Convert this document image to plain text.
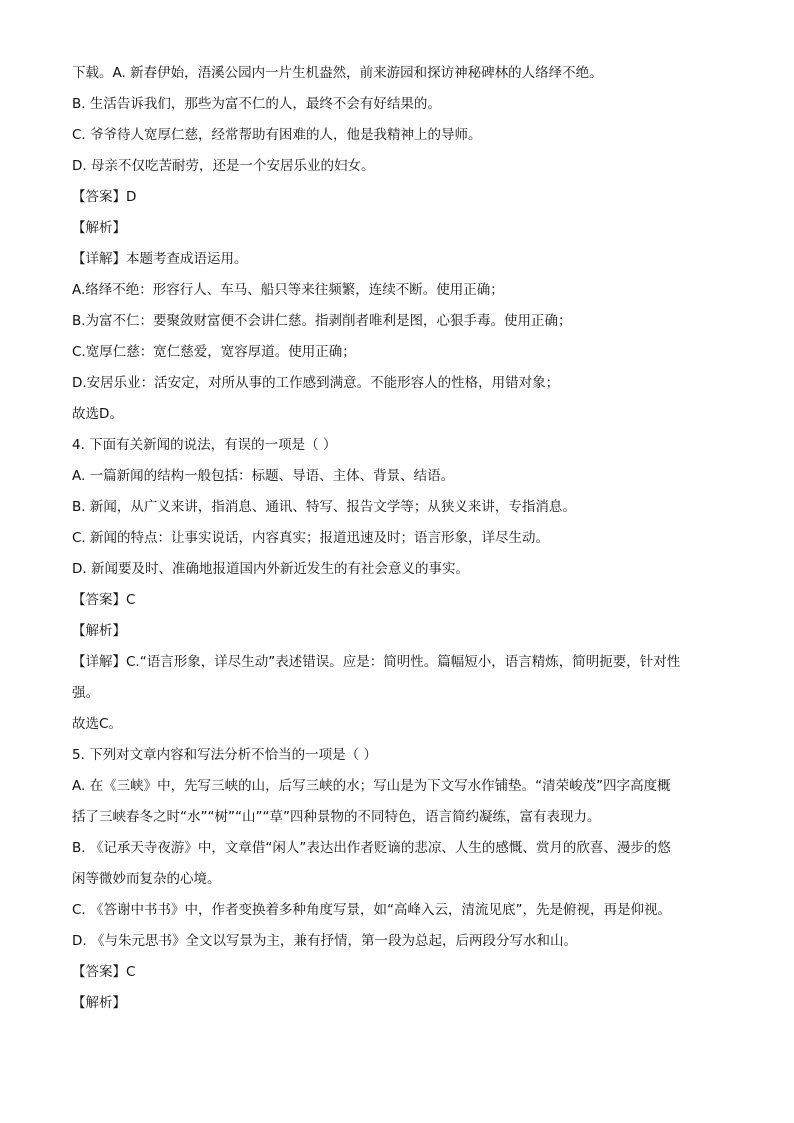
下载。A. 新春伊始，浯溪公园内一片生机盎然，前来游园和探访神秘碑林的人络绎不绝。

B. 生活告诉我们，那些为富不仁的人，最终不会有好结果的。

C. 爷爷待人宽厚仁慈，经常帮助有困难的人，他是我精神上的导师。

D. 母亲不仅吃苦耐劳，还是一个安居乐业的妇女。

【答案】D

【解析】

【详解】本题考查成语运用。

A.络绎不绝：形容行人、车马、船只等来往频繁，连续不断。使用正确；

B.为富不仁：要聚敛财富便不会讲仁慈。指剥削者唯利是图，心狠手毒。使用正确；

C.宽厚仁慈：宽仁慈爱，宽容厚道。使用正确；

D.安居乐业：活安定，对所从事的工作感到满意。不能形容人的性格，用错对象；

故选D。

4. 下面有关新闻的说法，有误的一项是（ ）

A. 一篇新闻的结构一般包括：标题、导语、主体、背景、结语。

B. 新闻，从广义来讲，指消息、通讯、特写、报告文学等；从狭义来讲，专指消息。

C. 新闻的特点：让事实说话，内容真实；报道迅速及时；语言形象，详尽生动。

D. 新闻要及时、准确地报道国内外新近发生的有社会意义的事实。

【答案】C

【解析】

【详解】C.“语言形象，详尽生动”表述错误。应是：简明性。篇幅短小，语言精炼，简明扼要，针对性

强。

故选C。

5. 下列对文章内容和写法分析不恰当的一项是（ ）

A. 在《三峡》中，先写三峡的山，后写三峡的水；写山是为下文写水作铺垫。“清荣峻茂”四字高度概

括了三峡春冬之时“水”“树”“山”“草”四种景物的不同特色，语言简约凝练，富有表现力。

B. 《记承天寺夜游》中，文章借“闲人”表达出作者贬谪的悲凉、人生的感慨、赏月的欣喜、漫步的悠

闲等微妙而复杂的心境。

C. 《答谢中书书》中，作者变换着多种角度写景，如“高峰入云，清流见底”，先是俯视，再是仰视。

D. 《与朱元思书》全文以写景为主，兼有抒情，第一段为总起，后两段分写水和山。

【答案】C

【解析】
